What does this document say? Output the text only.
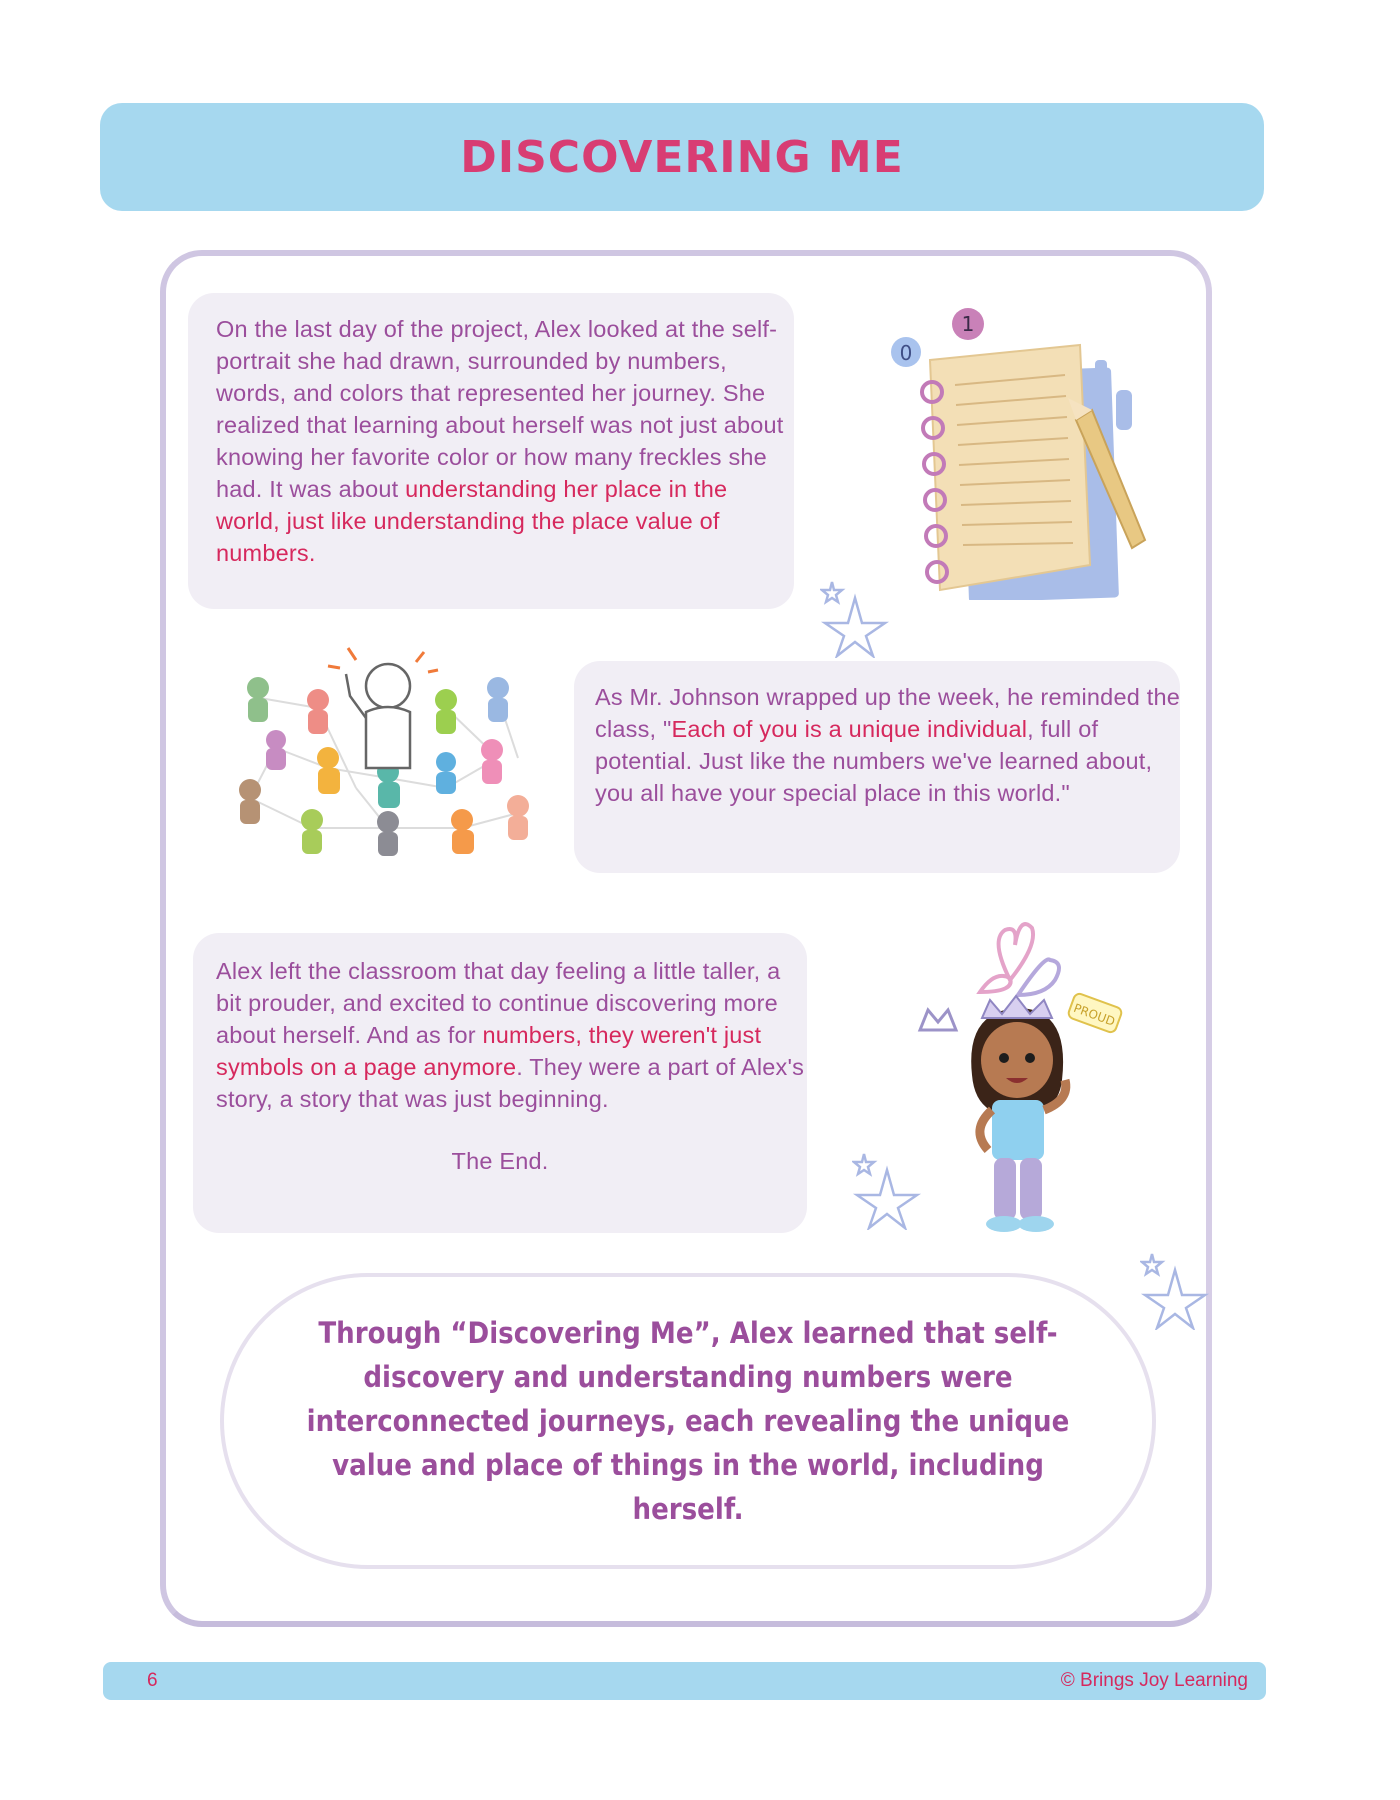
DISCOVERING ME
On the last day of the project, Alex looked at the self-portrait she had drawn, surrounded by numbers, words, and colors that represented her journey. She realized that learning about herself was not just about knowing her favorite color or how many freckles she had. It was about understanding her place in the world, just like understanding the place value of numbers.
0
1
As Mr. Johnson wrapped up the week, he reminded the class, "Each of you is a unique individual, full of potential. Just like the numbers we've learned about, you all have your special place in this world."
Alex left the classroom that day feeling a little taller, a bit prouder, and excited to continue discovering more about herself. And as for numbers, they weren't just symbols on a page anymore. They were a part of Alex's story, a story that was just beginning.
The End.
PROUD
Through “Discovering Me”, Alex learned that self-discovery and understanding numbers were interconnected journeys, each revealing the unique value and place of things in the world, including herself.
6	© Brings Joy Learning
